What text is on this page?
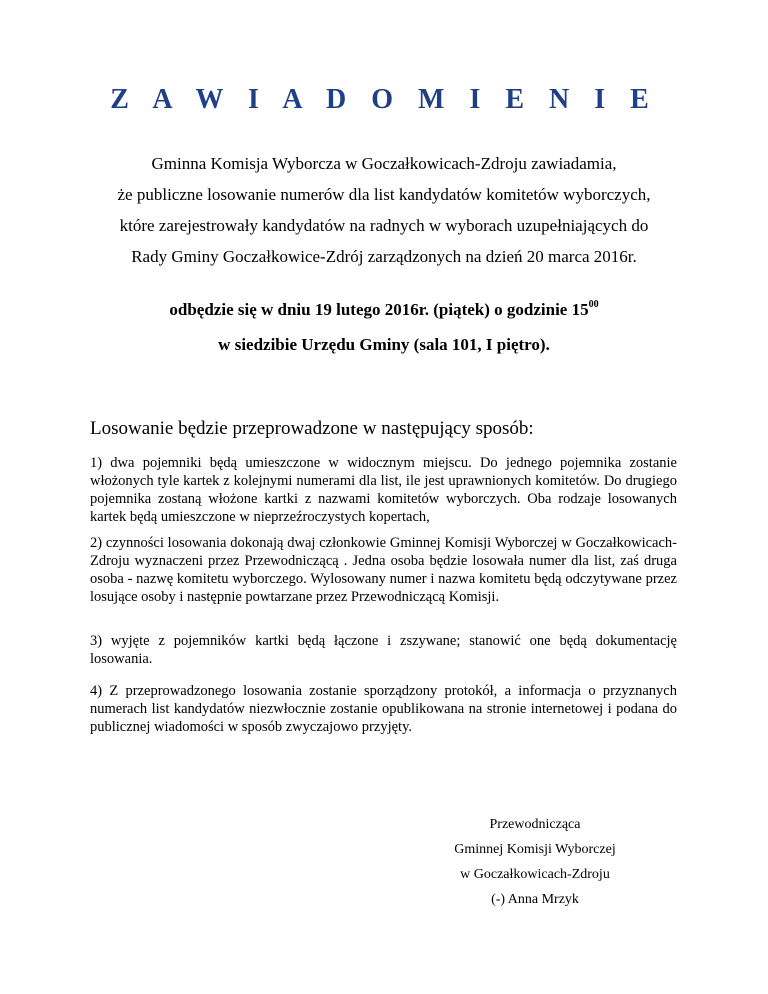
Z A W I A D O M I E N I E
Gminna Komisja Wyborcza w Goczałkowicach-Zdroju zawiadamia,
że publiczne losowanie numerów dla list kandydatów komitetów wyborczych,
które zarejestrowały kandydatów na radnych w wyborach uzupełniających do
Rady Gminy Goczałkowice-Zdrój zarządzonych na dzień 20 marca 2016r.
odbędzie się w dniu 19 lutego 2016r. (piątek) o godzinie $15^{00}$
w siedzibie Urzędu Gminy (sala 101, I piętro).
Losowanie będzie przeprowadzone w następujący sposób:

1) dwa pojemniki będą umieszczone w widocznym miejscu. Do jednego pojemnika zostanie włożonych tyle kartek z kolejnymi numerami dla list, ile jest uprawnionych komitetów. Do drugiego pojemnika zostaną włożone kartki z nazwami komitetów wyborczych. Oba rodzaje losowanych kartek będą umieszczone w nieprzeźroczystych kopertach,

2) czynności losowania dokonają dwaj członkowie Gminnej Komisji Wyborczej w Goczałkowicach-Zdroju wyznaczeni przez Przewodniczącą . Jedna osoba będzie losowała numer dla list, zaś druga osoba - nazwę komitetu wyborczego. Wylosowany numer i nazwa komitetu będą odczytywane przez losujące osoby i następnie powtarzane przez Przewodniczącą Komisji.

3) wyjęte z pojemników kartki będą łączone i zszywane; stanowić one będą dokumentację losowania.

4) Z przeprowadzonego losowania zostanie sporządzony protokół, a informacja o przyznanych numerach list kandydatów niezwłocznie zostanie opublikowana na stronie internetowej i podana do publicznej wiadomości w sposób zwyczajowo przyjęty.

Przewodnicząca
Gminnej Komisji Wyborczej
w Goczałkowicach-Zdroju
(-) Anna Mrzyk
